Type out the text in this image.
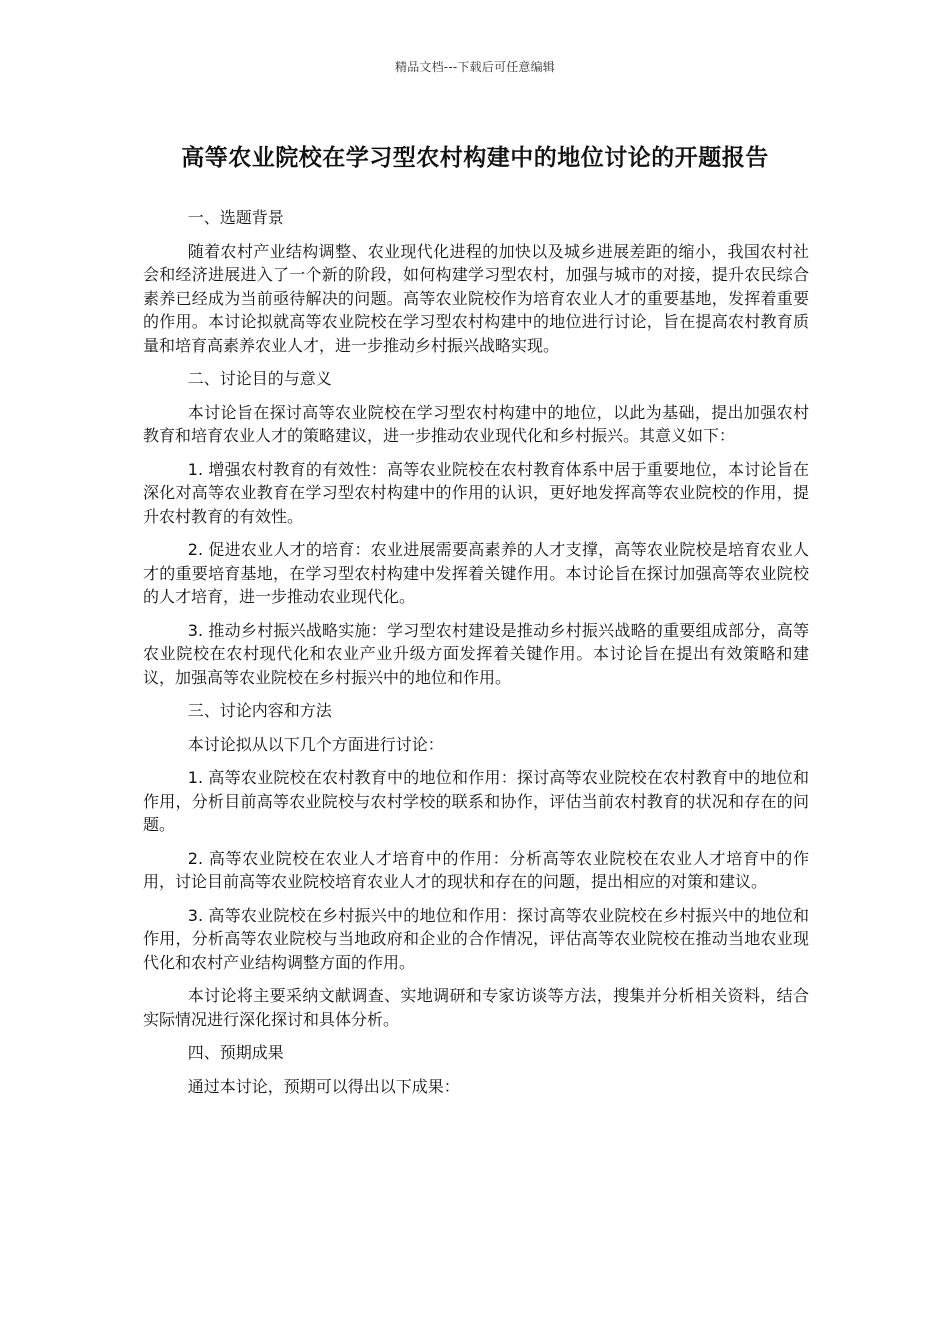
精品文档---下载后可任意编辑
高等农业院校在学习型农村构建中的地位讨论的开题报告

一、选题背景

随着农村产业结构调整、农业现代化进程的加快以及城乡进展差距的缩小，我国农村社会和经济进展进入了一个新的阶段，如何构建学习型农村，加强与城市的对接，提升农民综合素养已经成为当前亟待解决的问题。高等农业院校作为培育农业人才的重要基地，发挥着重要的作用。本讨论拟就高等农业院校在学习型农村构建中的地位进行讨论，旨在提高农村教育质量和培育高素养农业人才，进一步推动乡村振兴战略实现。

二、讨论目的与意义

本讨论旨在探讨高等农业院校在学习型农村构建中的地位，以此为基础，提出加强农村教育和培育农业人才的策略建议，进一步推动农业现代化和乡村振兴。其意义如下：

1. 增强农村教育的有效性：高等农业院校在农村教育体系中居于重要地位，本讨论旨在深化对高等农业教育在学习型农村构建中的作用的认识，更好地发挥高等农业院校的作用，提升农村教育的有效性。

2. 促进农业人才的培育：农业进展需要高素养的人才支撑，高等农业院校是培育农业人才的重要培育基地，在学习型农村构建中发挥着关键作用。本讨论旨在探讨加强高等农业院校的人才培育，进一步推动农业现代化。

3. 推动乡村振兴战略实施：学习型农村建设是推动乡村振兴战略的重要组成部分，高等农业院校在农村现代化和农业产业升级方面发挥着关键作用。本讨论旨在提出有效策略和建议，加强高等农业院校在乡村振兴中的地位和作用。

三、讨论内容和方法

本讨论拟从以下几个方面进行讨论：

1. 高等农业院校在农村教育中的地位和作用：探讨高等农业院校在农村教育中的地位和作用，分析目前高等农业院校与农村学校的联系和协作，评估当前农村教育的状况和存在的问题。

2. 高等农业院校在农业人才培育中的作用：分析高等农业院校在农业人才培育中的作用，讨论目前高等农业院校培育农业人才的现状和存在的问题，提出相应的对策和建议。

3. 高等农业院校在乡村振兴中的地位和作用：探讨高等农业院校在乡村振兴中的地位和作用，分析高等农业院校与当地政府和企业的合作情况，评估高等农业院校在推动当地农业现代化和农村产业结构调整方面的作用。

本讨论将主要采纳文献调查、实地调研和专家访谈等方法，搜集并分析相关资料，结合实际情况进行深化探讨和具体分析。

四、预期成果

通过本讨论，预期可以得出以下成果：
